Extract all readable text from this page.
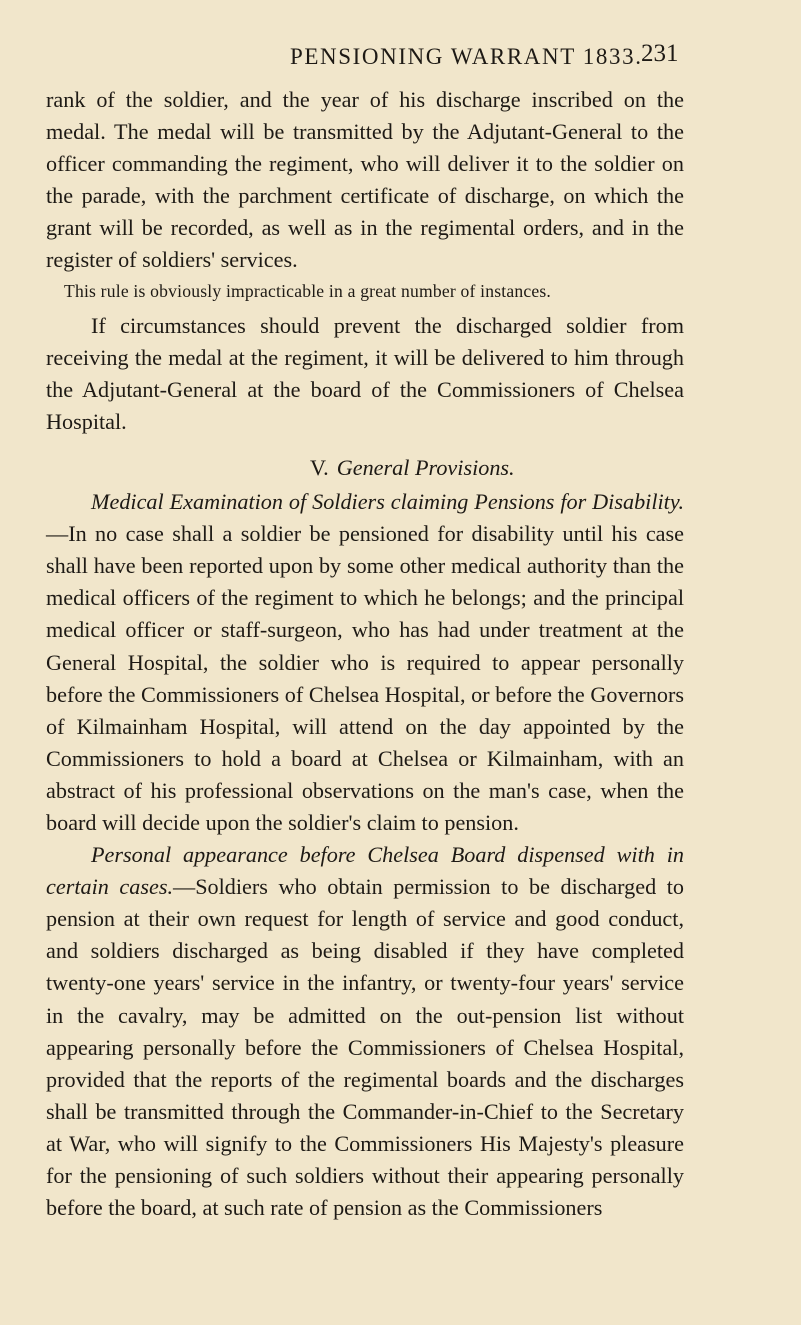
PENSIONING WARRANT 1833.
231

rank of the soldier, and the year of his discharge inscribed on the medal. The medal will be transmitted by the Adjutant-General to the officer commanding the regiment, who will deliver it to the soldier on the parade, with the parchment certificate of discharge, on which the grant will be recorded, as well as in the regimental orders, and in the register of soldiers' services.

This rule is obviously impracticable in a great number of instances.

If circumstances should prevent the discharged soldier from receiving the medal at the regiment, it will be delivered to him through the Adjutant-General at the board of the Commissioners of Chelsea Hospital.

V. General Provisions.

Medical Examination of Soldiers claiming Pensions for Disability.—In no case shall a soldier be pensioned for disability until his case shall have been reported upon by some other medical authority than the medical officers of the regiment to which he belongs; and the principal medical officer or staff-surgeon, who has had under treatment at the General Hospital, the soldier who is required to appear personally before the Commissioners of Chelsea Hospital, or before the Governors of Kilmainham Hospital, will attend on the day appointed by the Commissioners to hold a board at Chelsea or Kilmainham, with an abstract of his professional observations on the man's case, when the board will decide upon the soldier's claim to pension.

Personal appearance before Chelsea Board dispensed with in certain cases.—Soldiers who obtain permission to be discharged to pension at their own request for length of service and good conduct, and soldiers discharged as being disabled if they have completed twenty-one years' service in the infantry, or twenty-four years' service in the cavalry, may be admitted on the out-pension list without appearing personally before the Commissioners of Chelsea Hospital, provided that the reports of the regimental boards and the discharges shall be transmitted through the Commander-in-Chief to the Secretary at War, who will signify to the Commissioners His Majesty's pleasure for the pensioning of such soldiers without their appearing personally before the board, at such rate of pension as the Commissioners
